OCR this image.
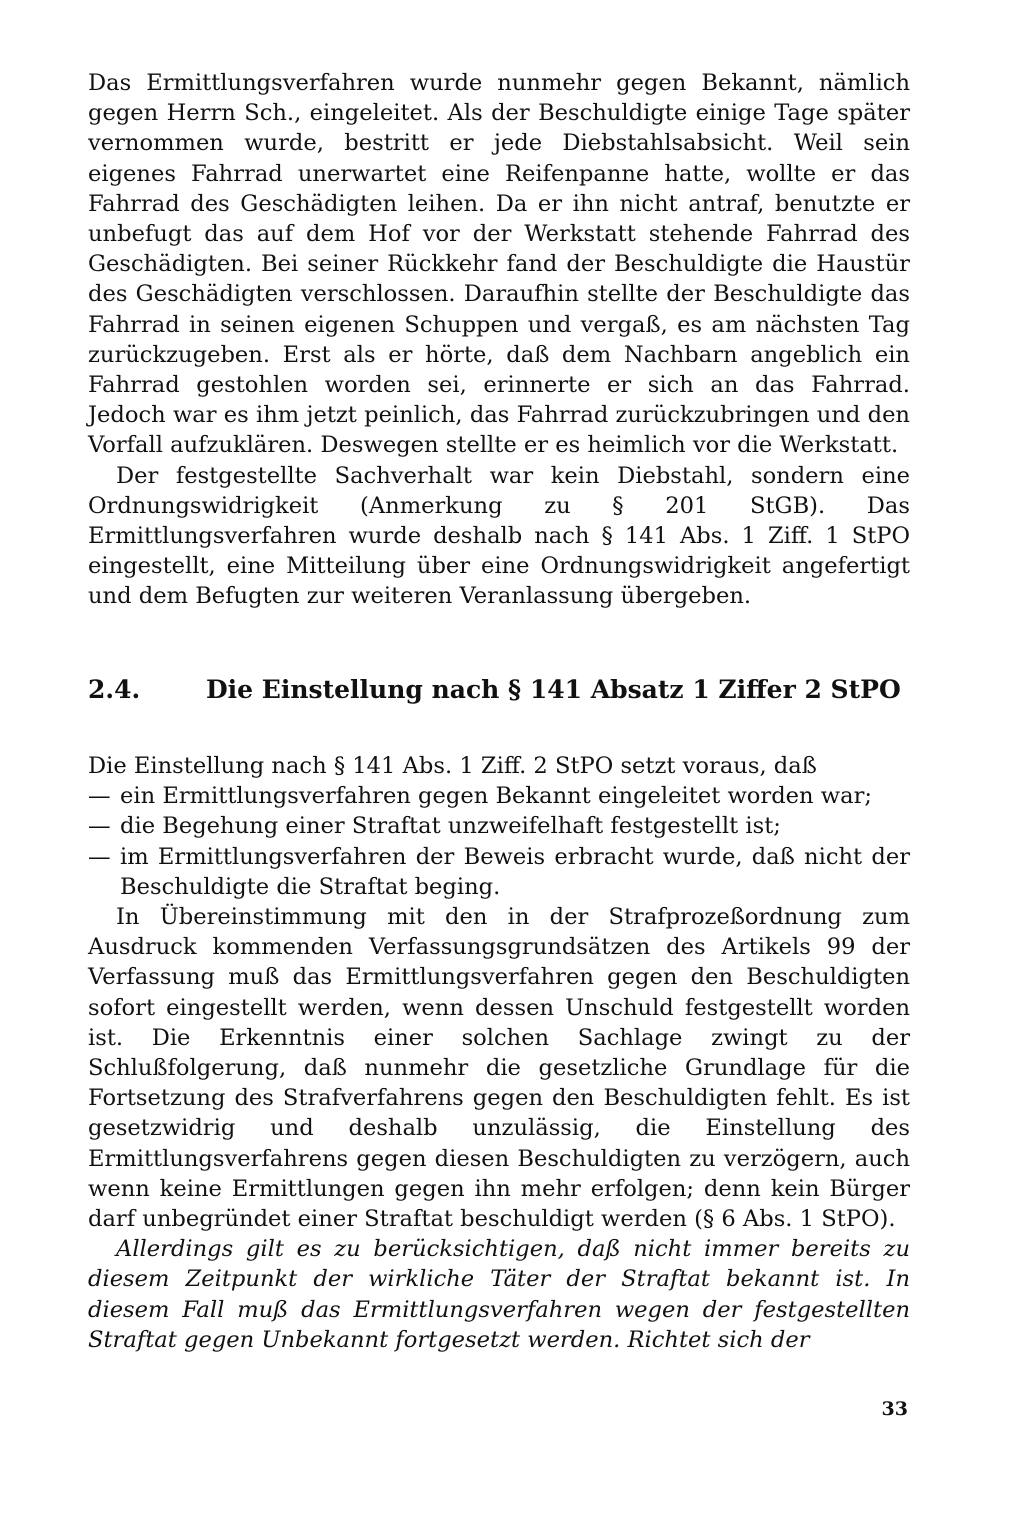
Das Ermittlungsverfahren wurde nunmehr gegen Bekannt, nämlich gegen Herrn Sch., eingeleitet. Als der Beschuldigte einige Tage später vernommen wurde, bestritt er jede Diebstahlsabsicht. Weil sein eigenes Fahrrad unerwartet eine Reifenpanne hatte, wollte er das Fahrrad des Geschädigten leihen. Da er ihn nicht antraf, benutzte er unbefugt das auf dem Hof vor der Werkstatt stehende Fahrrad des Geschädigten. Bei seiner Rückkehr fand der Beschuldigte die Haustür des Geschädigten verschlossen. Daraufhin stellte der Beschuldigte das Fahrrad in seinen eigenen Schuppen und vergaß, es am nächsten Tag zurückzugeben. Erst als er hörte, daß dem Nachbarn angeblich ein Fahrrad gestohlen worden sei, erinnerte er sich an das Fahrrad. Jedoch war es ihm jetzt peinlich, das Fahrrad zurückzubringen und den Vorfall aufzuklären. Deswegen stellte er es heimlich vor die Werkstatt.

Der festgestellte Sachverhalt war kein Diebstahl, sondern eine Ordnungswidrigkeit (Anmerkung zu § 201 StGB). Das Ermittlungsverfahren wurde deshalb nach § 141 Abs. 1 Ziff. 1 StPO eingestellt, eine Mitteilung über eine Ordnungswidrigkeit angefertigt und dem Befugten zur weiteren Veranlassung übergeben.

2.4.	Die Einstellung nach § 141 Absatz 1 Ziffer 2 StPO

Die Einstellung nach § 141 Abs. 1 Ziff. 2 StPO setzt voraus, daß

— ein Ermittlungsverfahren gegen Bekannt eingeleitet worden war;
— die Begehung einer Straftat unzweifelhaft festgestellt ist;
— im Ermittlungsverfahren der Beweis erbracht wurde, daß nicht der Beschuldigte die Straftat beging.

In Übereinstimmung mit den in der Strafprozeßordnung zum Ausdruck kommenden Verfassungsgrundsätzen des Artikels 99 der Verfassung muß das Ermittlungsverfahren gegen den Beschuldigten sofort eingestellt werden, wenn dessen Unschuld festgestellt worden ist. Die Erkenntnis einer solchen Sachlage zwingt zu der Schlußfolgerung, daß nunmehr die gesetzliche Grundlage für die Fortsetzung des Strafverfahrens gegen den Beschuldigten fehlt. Es ist gesetzwidrig und deshalb unzulässig, die Einstellung des Ermittlungsverfahrens gegen diesen Beschuldigten zu verzögern, auch wenn keine Ermittlungen gegen ihn mehr erfolgen; denn kein Bürger darf unbegründet einer Straftat beschuldigt werden (§ 6 Abs. 1 StPO).

Allerdings gilt es zu berücksichtigen, daß nicht immer bereits zu diesem Zeitpunkt der wirkliche Täter der Straftat bekannt ist. In diesem Fall muß das Ermittlungsverfahren wegen der festgestellten Straftat gegen Unbekannt fortgesetzt werden. Richtet sich der

33
